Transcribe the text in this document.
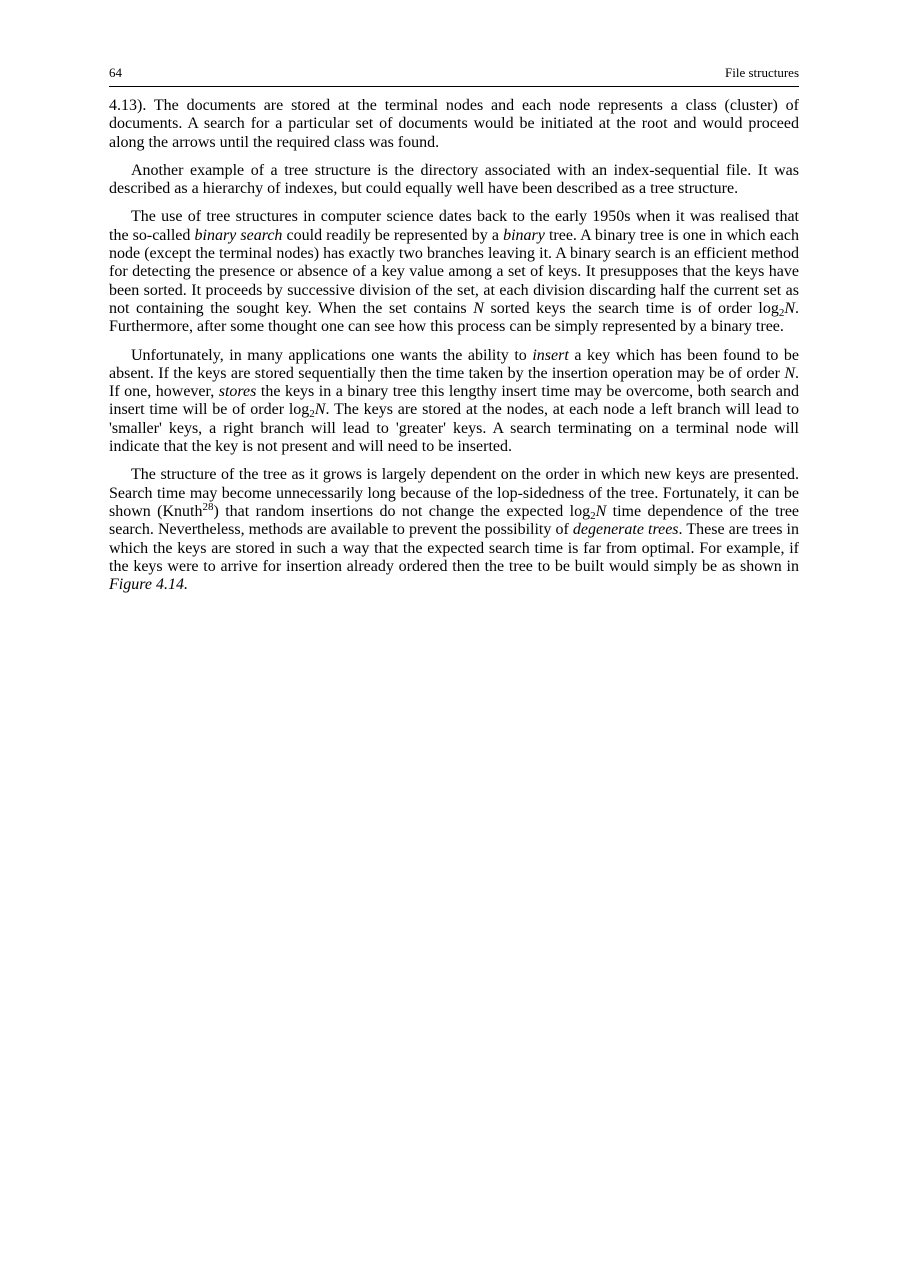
64	File structures

4.13). The documents are stored at the terminal nodes and each node represents a class (cluster) of documents. A search for a particular set of documents would be initiated at the root and would proceed along the arrows until the required class was found.

Another example of a tree structure is the directory associated with an index-sequential file. It was described as a hierarchy of indexes, but could equally well have been described as a tree structure.

The use of tree structures in computer science dates back to the early 1950s when it was realised that the so-called binary search could readily be represented by a binary tree. A binary tree is one in which each node (except the terminal nodes) has exactly two branches leaving it. A binary search is an efficient method for detecting the presence or absence of a key value among a set of keys. It presupposes that the keys have been sorted. It proceeds by successive division of the set, at each division discarding half the current set as not containing the sought key. When the set contains N sorted keys the search time is of order $\log_2N$. Furthermore, after some thought one can see how this process can be simply represented by a binary tree.

Unfortunately, in many applications one wants the ability to insert a key which has been found to be absent. If the keys are stored sequentially then the time taken by the insertion operation may be of order N. If one, however, stores the keys in a binary tree this lengthy insert time may be overcome, both search and insert time will be of order $\log_2N$. The keys are stored at the nodes, at each node a left branch will lead to 'smaller' keys, a right branch will lead to 'greater' keys. A search terminating on a terminal node will indicate that the key is not present and will need to be inserted.

The structure of the tree as it grows is largely dependent on the order in which new keys are presented. Search time may become unnecessarily long because of the lop-sidedness of the tree. Fortunately, it can be shown (Knuth$^{28}$) that random insertions do not change the expected $\log_2N$ time dependence of the tree search. Nevertheless, methods are available to prevent the possibility of degenerate trees. These are trees in which the keys are stored in such a way that the expected search time is far from optimal. For example, if the keys were to arrive for insertion already ordered then the tree to be built would simply be as shown in Figure 4.14.
